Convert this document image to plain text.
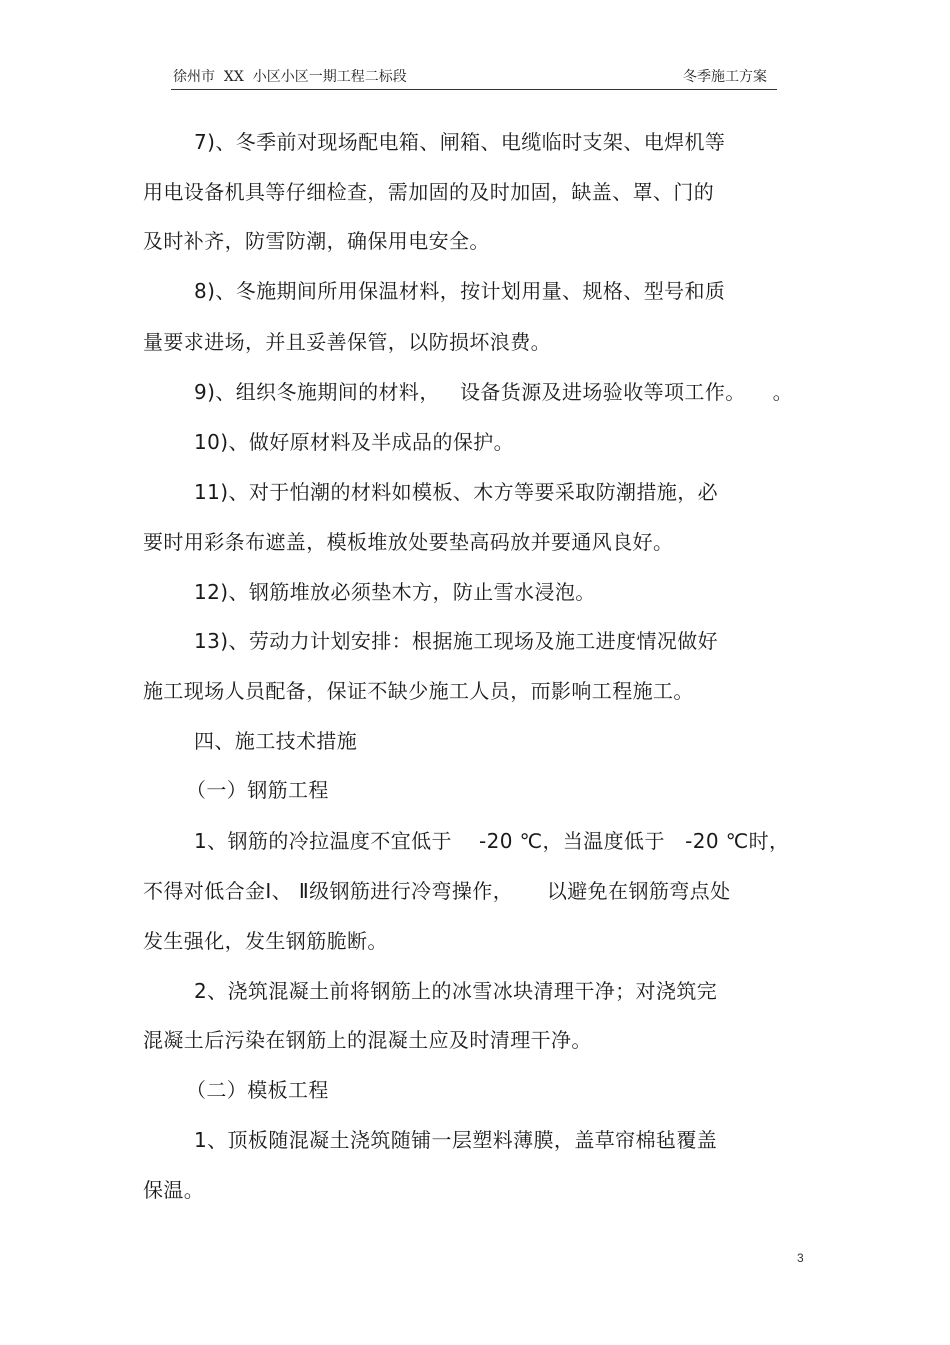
徐州市  XX  小区小区一期工程二标段	冬季施工方案
7)、冬季前对现场配电箱、闸箱、电缆临时支架、电焊机等
用电设备机具等仔细检查，需加固的及时加固，缺盖、罩、门的
及时补齐，防雪防潮，确保用电安全。
8)、冬施期间所用保温材料，按计划用量、规格、型号和质
量要求进场，并且妥善保管，以防损坏浪费。
9)、组织冬施期间的材料，   设备货源及进场验收等项工作。    。
10)、做好原材料及半成品的保护。
11)、对于怕潮的材料如模板、木方等要采取防潮措施，必
要时用彩条布遮盖，模板堆放处要垫高码放并要通风良好。
12)、钢筋堆放必须垫木方，防止雪水浸泡。
13)、劳动力计划安排：根据施工现场及施工进度情况做好
施工现场人员配备，保证不缺少施工人员，而影响工程施工。
四、施工技术措施
（一）钢筋工程
1、钢筋的冷拉温度不宜低于    -20 ℃，当温度低于   -20 ℃时，
不得对低合金Ⅰ、 Ⅱ级钢筋进行冷弯操作，     以避免在钢筋弯点处
发生强化，发生钢筋脆断。
2、浇筑混凝土前将钢筋上的冰雪冰块清理干净；对浇筑完
混凝土后污染在钢筋上的混凝土应及时清理干净。
（二）模板工程
1、顶板随混凝土浇筑随铺一层塑料薄膜，盖草帘棉毡覆盖
保温。
3
